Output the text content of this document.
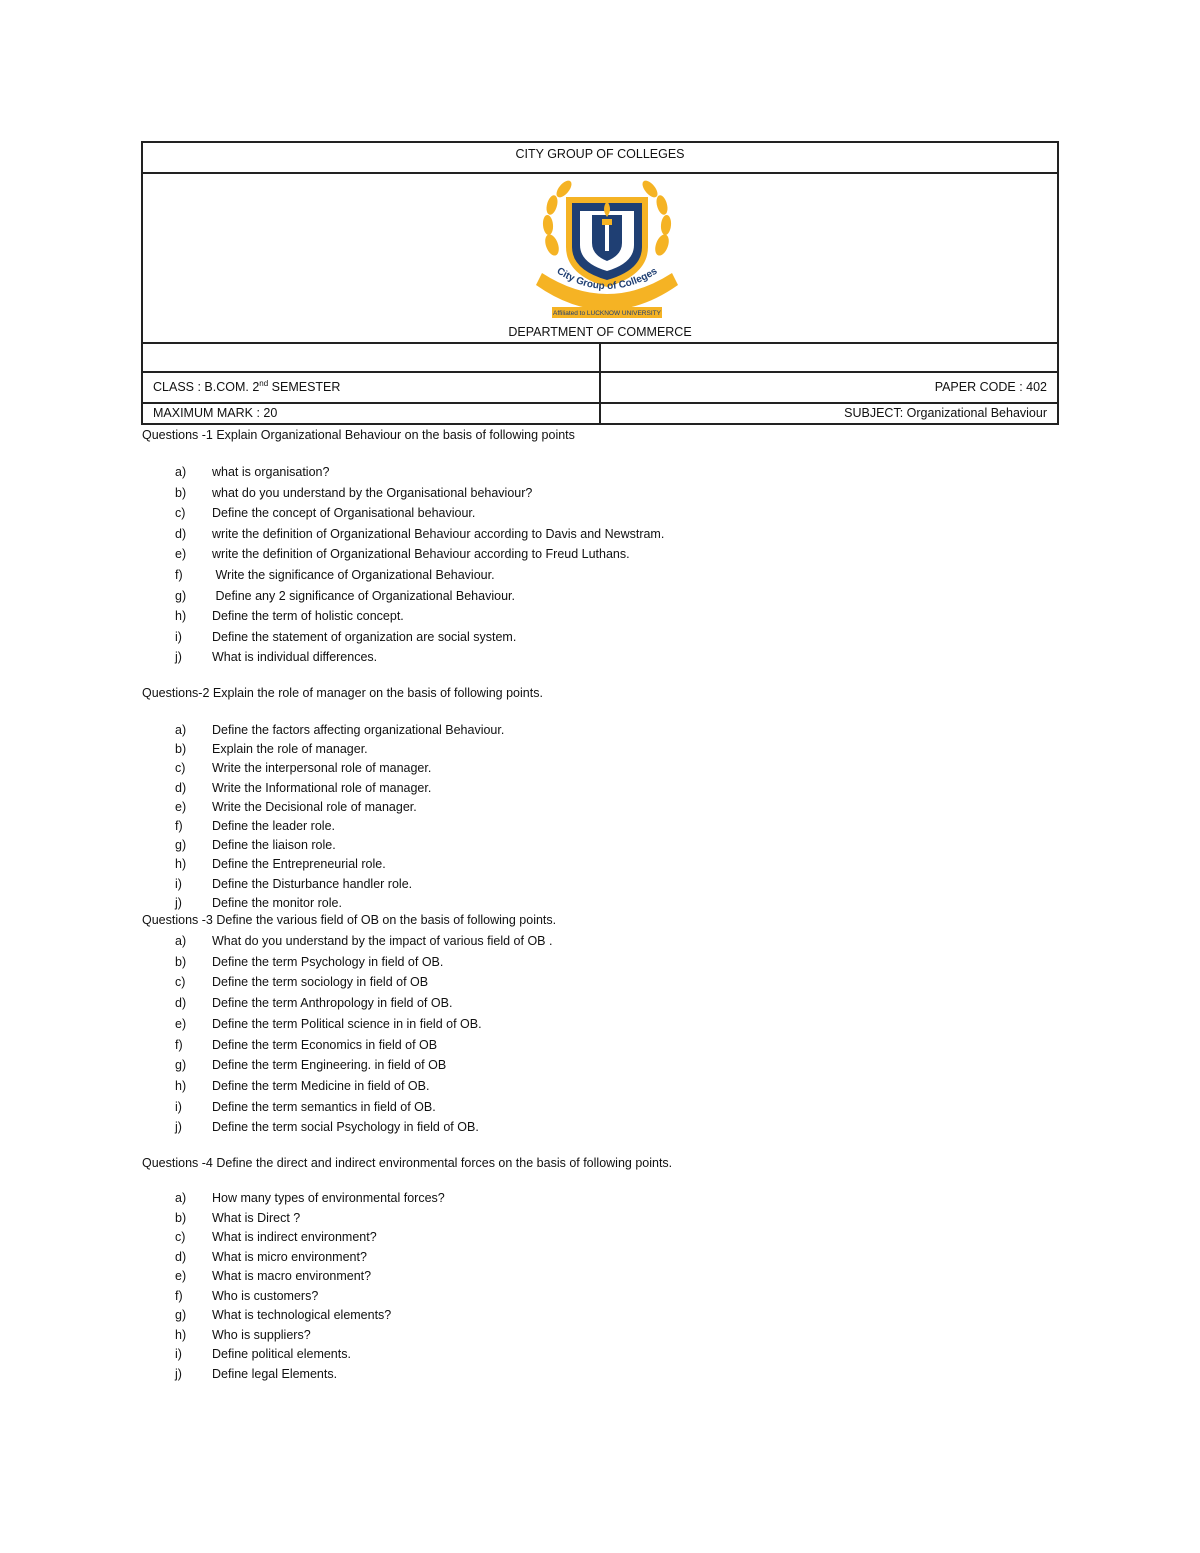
CITY GROUP OF COLLEGES
DEPARTMENT OF COMMERCE
CLASS : B.COM. 2nd SEMESTER	PAPER CODE : 402
MAXIMUM MARK : 20	SUBJECT: Organizational Behaviour
City Group of Colleges
Affiliated to LUCKNOW UNIVERSITY
Questions -1 Explain Organizational Behaviour on the basis of following points
a) what is organisation?
b) what do you understand by the Organisational behaviour?
c) Define the concept of Organisational behaviour.
d) write the definition of Organizational Behaviour according to Davis and Newstram.
e) write the definition of Organizational Behaviour according to Freud Luthans.
f) Write the significance of Organizational Behaviour.
g) Define any 2 significance of Organizational Behaviour.
h) Define the term of holistic concept.
i) Define the statement of organization are social system.
j) What is individual differences.
Questions-2 Explain the role of manager on the basis of following points.
a) Define the factors affecting organizational Behaviour.
b) Explain the role of manager.
c) Write the interpersonal role of manager.
d) Write the Informational role of manager.
e) Write the Decisional role of manager.
f) Define the leader role.
g) Define the liaison role.
h) Define the Entrepreneurial role.
i) Define the Disturbance handler role.
j) Define the monitor role.
Questions -3 Define the various field of OB on the basis of following points.
a) What do you understand by the impact of various field of OB .
b) Define the term Psychology in field of OB.
c) Define the term sociology in field of OB
d) Define the term Anthropology in field of OB.
e) Define the term Political science in in field of OB.
f) Define the term Economics in field of OB
g) Define the term Engineering. in field of OB
h) Define the term Medicine in field of OB.
i) Define the term semantics in field of OB.
j) Define the term social Psychology in field of OB.
Questions -4 Define the direct and indirect environmental forces on the basis of following points.
a) How many types of environmental forces?
b) What is Direct ?
c) What is indirect environment?
d) What is micro environment?
e) What is macro environment?
f) Who is customers?
g) What is technological elements?
h) Who is suppliers?
i) Define political elements.
j) Define legal Elements.
